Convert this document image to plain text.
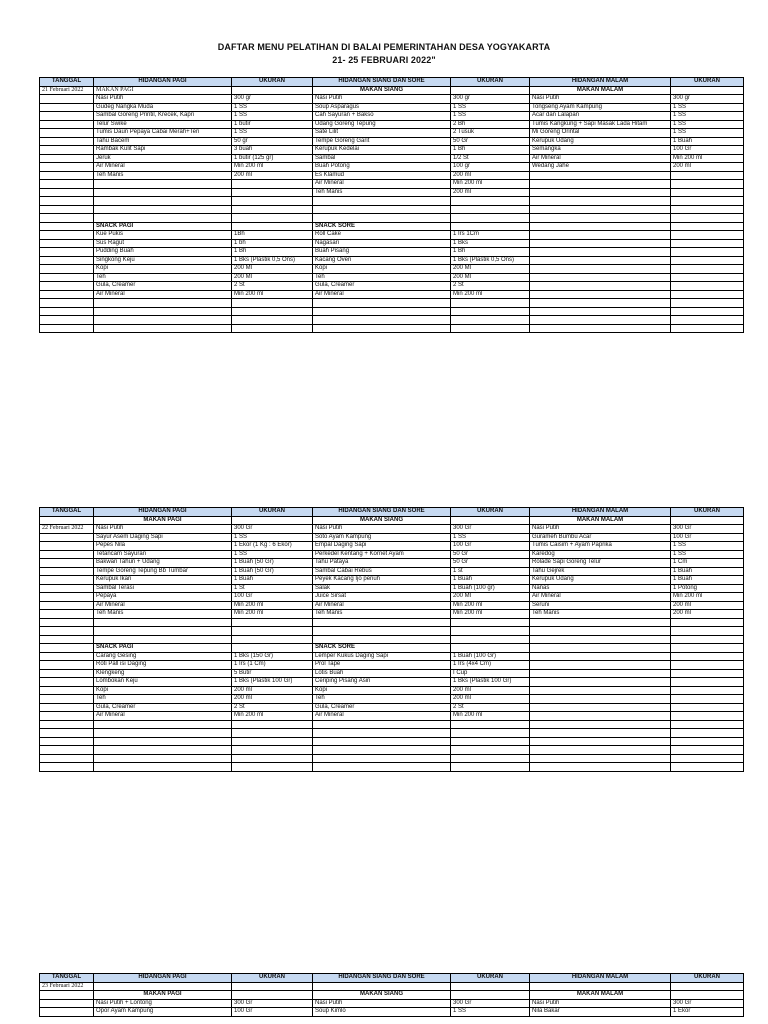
DAFTAR MENU PELATIHAN DI BALAI PEMERINTAHAN DESA YOGYAKARTA
21- 25 FEBRUARI 2022"
TANGGAL	HIDANGAN PAGI	UKURAN	HIDANGAN SIANG DAN SORE	UKURAN	HIDANGAN MALAM	UKURAN
21 Februari 2022	MAKAN PAGI		MAKAN SIANG		MAKAN MALAM	
	Nasi Putih	300 gr	Nasi Putih	300 gr	Nasi Putih	300 gr
	Gudeg Nangka Muda	1 SS	Soup Asparagus	1 SS	Tongseng Ayam Kampung	1 SS
	Sambal Goreng Printil, Krecek, Kapri	1 SS	Cah Sayuran + Bakso	1 SS	Acar dan Lalapan	1 SS
	Telur Swike	1 butir	Udang Goreng Tepung	2 Bh	Tumis Kangkung + Sapi Masak Lada Hitam	1 SS
	Tumis Daun Pepaya Cabai Merah+Teri	1 SS	Sate Lilit	2 Tusuk	Mi Goreng Orintal	1 SS
	Tahu Bacem	50 gr	Tempe Goreng Garit	50 Gr	Kerupuk Udang	1 Buah
	Rambak Kulit Sapi	3 buah	Kerupuk Kedelai	1 Bh	Semangka	100 Gr
	Jeruk	1 butir (125 gr)	Sambal	1/2 St	Air Mineral	Min 200 ml
	Air Mineral	Min 200 ml	Buah Potong	100 gr	Wedang Jahe	200 ml
	Teh Manis	200 ml	Es Klamud	200 ml		
			Air Mineral	Min 200 ml		
			Teh Manis	200 ml		

	SNACK PAGI		SNACK SORE			
	Kue Pukis	1Bh	Roll Cake	1 Irs 1Cm		
	Sus Ragut	1 bh	Nagasari	1 Bks		
	Pudding Buah	1 Bh	Buah Pisang	1 Bh		
	Singkong Keju	1 Bks (Plastik 0,5 Ons)	Kacang Oven	1 Bks (Plastik 0,5 Ons)		
	Kopi	200 Ml	Kopi	200 Ml		
	Teh	200 Ml	Teh	200 Ml		
	Gula, Creamer	2 St	Gula, Creamer	2 St		
	Air Mineral	Min 200 ml	Air Mineral	Min 200 ml		

TANGGAL	HIDANGAN PAGI	UKURAN	HIDANGAN SIANG DAN SORE	UKURAN	HIDANGAN MALAM	UKURAN
	MAKAN PAGI		MAKAN SIANG		MAKAN MALAM	
22 Februari 2022	Nasi Putih	300 Gr	Nasi Putih	300 Gr	Nasi Putih	300 Gr
	Sayur Asem Daging Sapi	1 SS	Soto Ayam Kampung	1 SS	Gurameh Bumbu Acar	100 Gr
	Pepes Nila	1 Ekor (1 Kg : 6 Ekor)	Empal Daging Sapi	100 Gr	Tumis Caisim + Ayam Paprika	1 SS
	Tetancam Sayuran	1 SS	Perkedel Kentang + Kornet Ayam	50 Gr	Karedog	1 SS
	Bakwan Tahun + Udang	1 Buah (50 Gr)	Tahu Pataya	50 Gr	Rolade Sapi Goreng Telur	1 Cm
	Tempe Goreng Tepung Bb Tumbar	1 Buah (50 Gr)	Sambal Cabai Rebus	1 st	Tahu Gejrek	1 Buah
	Kerupuk Ikan	1 Buah	Peyek Kacang Ijo penuh	1 Buah	Kerupuk Udang	1 Buah
	Sambal Terasi	1 St	Salak	1 Buah (100 gr)	Nanas	1 Potong
	Pepaya	100 Gr	Juice Sirsat	200 Ml	Air Mineral	Min 200 ml
	Air Mineral	Min 200 ml	Air Mineral	Min 200 ml	Seruni	200 ml
	Teh Manis	Min 200 ml	Teh Manis	Min 200 ml	Teh Manis	200 ml

	SNACK PAGI		SNACK SORE			
	Carang Gesing	1 Bks (150 Gr)	Lemper Kukus Daging Sapi	1 Buah (100 Gr)		
	Roti Pall isi Daging	1 Irs (1 Cm)	Prol Tape	1 Irs (4x4 Cm)		
	Klengkeng	5 Butir	Lotis Buah	I Cup		
	Lombokan Keju	1 Bks (Plastik 100 Gr)	Ceriping Pisang Asin	1 Bks (Plastik 100 Gr)		
	Kopi	200 ml	Kopi	200 ml		
	Teh	200 ml	Teh	200 ml		
	Gula, Creamer	2 St	Gula, Creamer	2 St		
	Air Mineral	Min 200 ml	Air Mineral	Min 200 ml		

TANGGAL	HIDANGAN PAGI	UKURAN	HIDANGAN SIANG DAN SORE	UKURAN	HIDANGAN MALAM	UKURAN
23 Februari 2022						
	MAKAN PAGI		MAKAN SIANG		MAKAN MALAM	
	Nasi Putih + Lontong	300 Gr	Nasi Putih	300 Gr	Nasi Putih	300 Gr
	Opor Ayam Kampung	100 Gr	Soup Kimlo	1 SS	Nila Bakar	1 Ekor
